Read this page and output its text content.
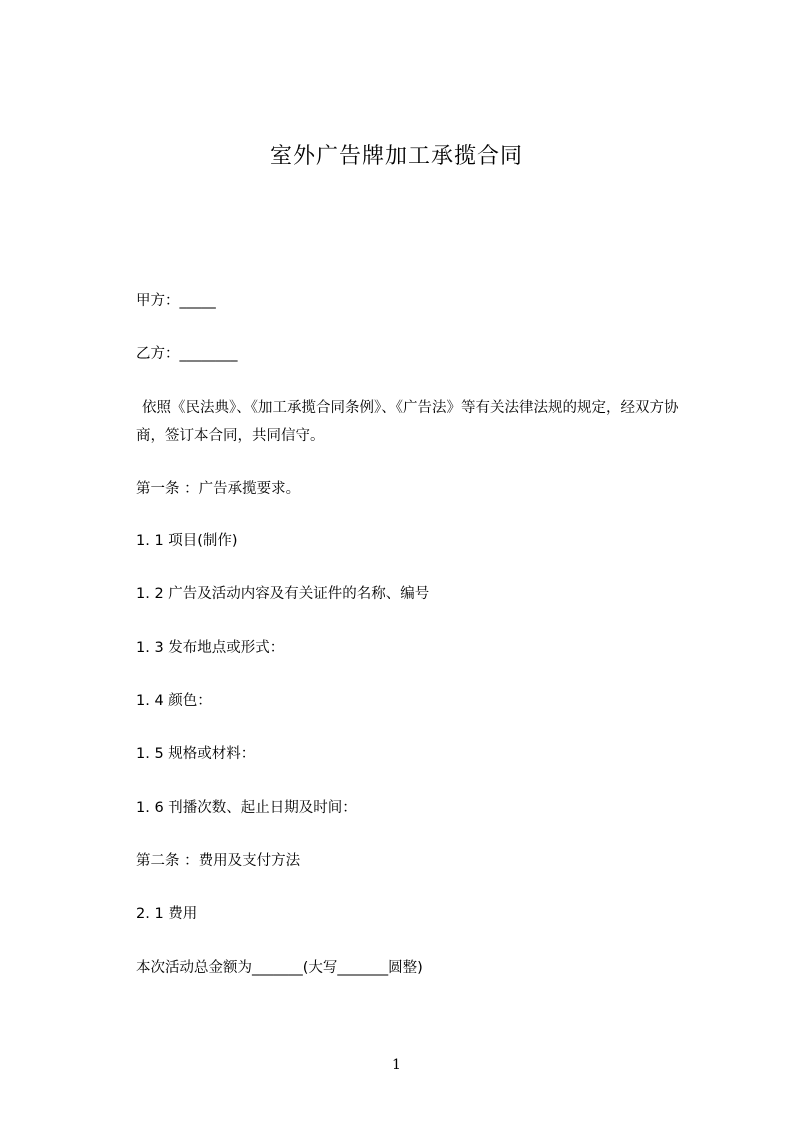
室外广告牌加工承揽合同
甲方：_____
乙方：________
依照《民法典》、《加工承揽合同条例》、《广告法》等有关法律法规的规定，经双方协商，签订本合同，共同信守。
第一条 ：广告承揽要求。
1. 1 项目(制作)
1. 2 广告及活动内容及有关证件的名称、编号
1. 3 发布地点或形式：
1. 4 颜色：
1. 5 规格或材料：
1. 6 刊播次数、起止日期及时间：
第二条 ：费用及支付方法
2. 1 费用
本次活动总金额为_______(大写_______圆整)
1
